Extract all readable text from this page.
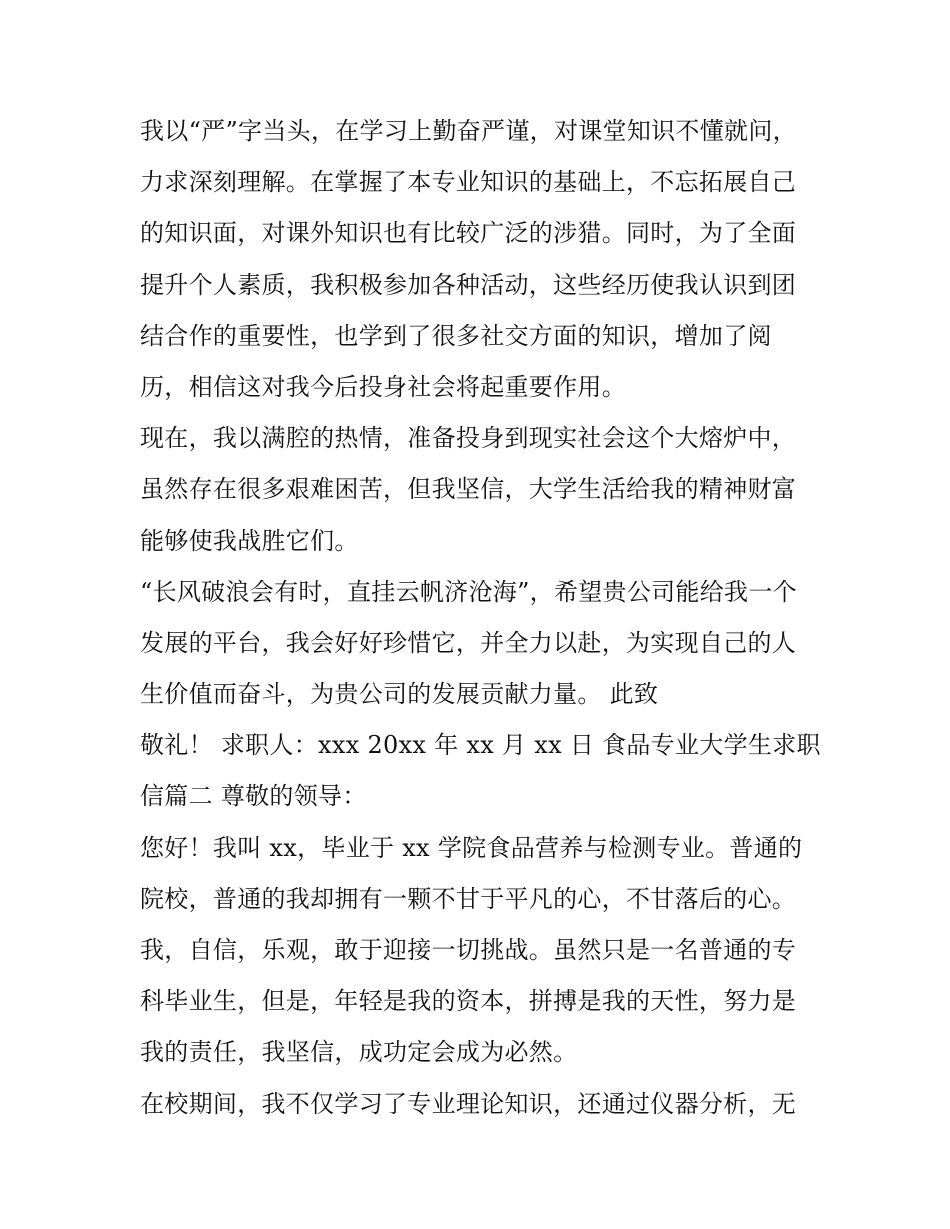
我以“严”字当头，在学习上勤奋严谨，对课堂知识不懂就问，
力求深刻理解。在掌握了本专业知识的基础上，不忘拓展自己
的知识面，对课外知识也有比较广泛的涉猎。同时，为了全面
提升个人素质，我积极参加各种活动，这些经历使我认识到团
结合作的重要性，也学到了很多社交方面的知识，增加了阅
历，相信这对我今后投身社会将起重要作用。
现在，我以满腔的热情，准备投身到现实社会这个大熔炉中，
虽然存在很多艰难困苦，但我坚信，大学生活给我的精神财富
能够使我战胜它们。
“长风破浪会有时，直挂云帆济沧海”，希望贵公司能给我一个
发展的平台，我会好好珍惜它，并全力以赴，为实现自己的人
生价值而奋斗，为贵公司的发展贡献力量。 此致
敬礼！ 求职人：xxx 20xx 年 xx 月 xx 日 食品专业大学生求职
信篇二 尊敬的领导：
您好！我叫 xx，毕业于 xx 学院食品营养与检测专业。普通的
院校，普通的我却拥有一颗不甘于平凡的心，不甘落后的心。
我，自信，乐观，敢于迎接一切挑战。虽然只是一名普通的专
科毕业生，但是，年轻是我的资本，拼搏是我的天性，努力是
我的责任，我坚信，成功定会成为必然。
在校期间，我不仅学习了专业理论知识，还通过仪器分析，无
